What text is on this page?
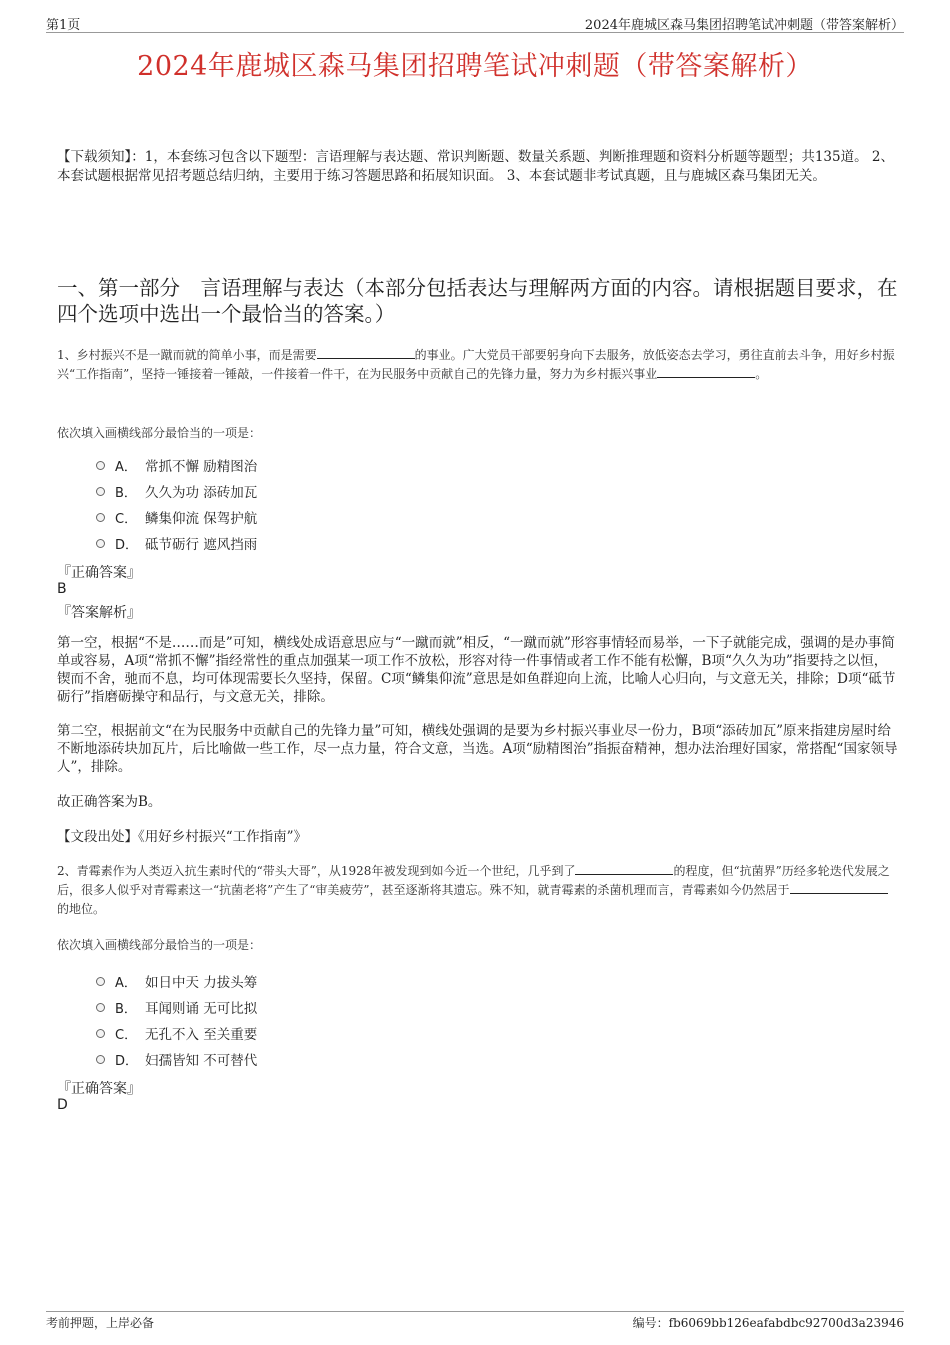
第1页	2024年鹿城区森马集团招聘笔试冲刺题（带答案解析）
2024年鹿城区森马集团招聘笔试冲刺题（带答案解析）
【下载须知】：1，本套练习包含以下题型：言语理解与表达题、常识判断题、数量关系题、判断推理题和资料分析题等题型；共135道。 2、本套试题根据常见招考题总结归纳，主要用于练习答题思路和拓展知识面。 3、本套试题非考试真题，且与鹿城区森马集团无关。
一、第一部分　言语理解与表达（本部分包括表达与理解两方面的内容。请根据题目要求，在四个选项中选出一个最恰当的答案。）
1、乡村振兴不是一蹴而就的简单小事，而是需要	的事业。广大党员干部要躬身向下去服务，放低姿态去学习，勇往直前去斗争，用好乡村振兴“工作指南”，坚持一锤接着一锤敲，一件接着一件干，在为民服务中贡献自己的先锋力量，努力为乡村振兴事业	。
依次填入画横线部分最恰当的一项是：
A． 常抓不懈 励精图治
B． 久久为功 添砖加瓦
C． 鳞集仰流 保驾护航
D． 砥节砺行 遮风挡雨
『正确答案』
B
『答案解析』
第一空，根据“不是……而是”可知，横线处成语意思应与“一蹴而就”相反，“一蹴而就”形容事情轻而易举，一下子就能完成，强调的是办事简单或容易，A项“常抓不懈”指经常性的重点加强某一项工作不放松，形容对待一件事情或者工作不能有松懈，B项“久久为功”指要持之以恒，锲而不舍，驰而不息，均可体现需要长久坚持，保留。C项“鳞集仰流”意思是如鱼群迎向上流，比喻人心归向，与文意无关，排除；D项“砥节砺行”指磨砺操守和品行，与文意无关，排除。
第二空，根据前文“在为民服务中贡献自己的先锋力量”可知，横线处强调的是要为乡村振兴事业尽一份力，B项“添砖加瓦”原来指建房屋时给不断地添砖块加瓦片，后比喻做一些工作，尽一点力量，符合文意，当选。A项“励精图治”指振奋精神，想办法治理好国家，常搭配“国家领导人”，排除。
故正确答案为B。
【文段出处】《用好乡村振兴“工作指南”》
2、青霉素作为人类迈入抗生素时代的“带头大哥”，从1928年被发现到如今近一个世纪，几乎到了	的程度，但“抗菌界”历经多轮迭代发展之后，很多人似乎对青霉素这一“抗菌老将”产生了“审美疲劳”，甚至逐渐将其遗忘。殊不知，就青霉素的杀菌机理而言，青霉素如今仍然居于的地位。
依次填入画横线部分最恰当的一项是：
A． 如日中天 力拔头筹
B． 耳闻则诵 无可比拟
C． 无孔不入 至关重要
D． 妇孺皆知 不可替代
『正确答案』
D
考前押题，上岸必备	编号：fb6069bb126eafabdbc92700d3a23946
